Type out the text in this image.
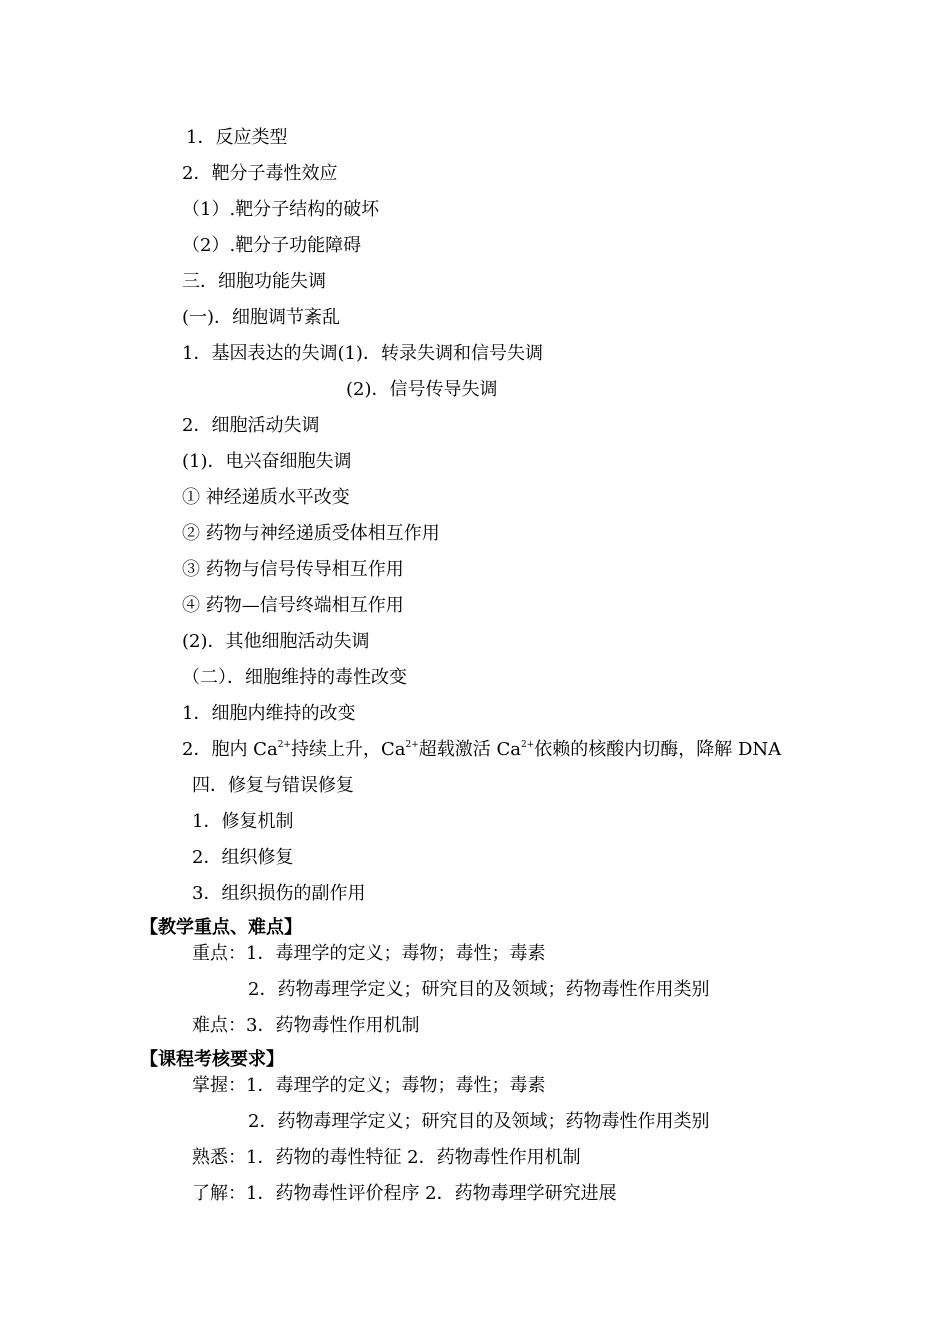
1．反应类型
2．靶分子毒性效应
（1）.靶分子结构的破坏
（2）.靶分子功能障碍
三．细胞功能失调
(一)．细胞调节紊乱
1．基因表达的失调(1)．转录失调和信号失调
(2)．信号传导失调
2．细胞活动失调
(1)．电兴奋细胞失调
① 神经递质水平改变
② 药物与神经递质受体相互作用
③ 药物与信号传导相互作用
④ 药物—信号终端相互作用
(2)．其他细胞活动失调
（二）．细胞维持的毒性改变
1．细胞内维持的改变
2．胞内 $Ca^{2+}$持续上升，$Ca^{2+}$超载激活 $Ca^{2+}$依赖的核酸内切酶，降解 DNA
四．修复与错误修复
1．修复机制
2．组织修复
3．组织损伤的副作用
【教学重点、难点】
重点：1．毒理学的定义；毒物；毒性；毒素
2．药物毒理学定义；研究目的及领域；药物毒性作用类别
难点：3．药物毒性作用机制
【课程考核要求】
掌握：1．毒理学的定义；毒物；毒性；毒素
2．药物毒理学定义；研究目的及领域；药物毒性作用类别
熟悉：1．药物的毒性特征 2．药物毒性作用机制
了解：1．药物毒性评价程序 2．药物毒理学研究进展
